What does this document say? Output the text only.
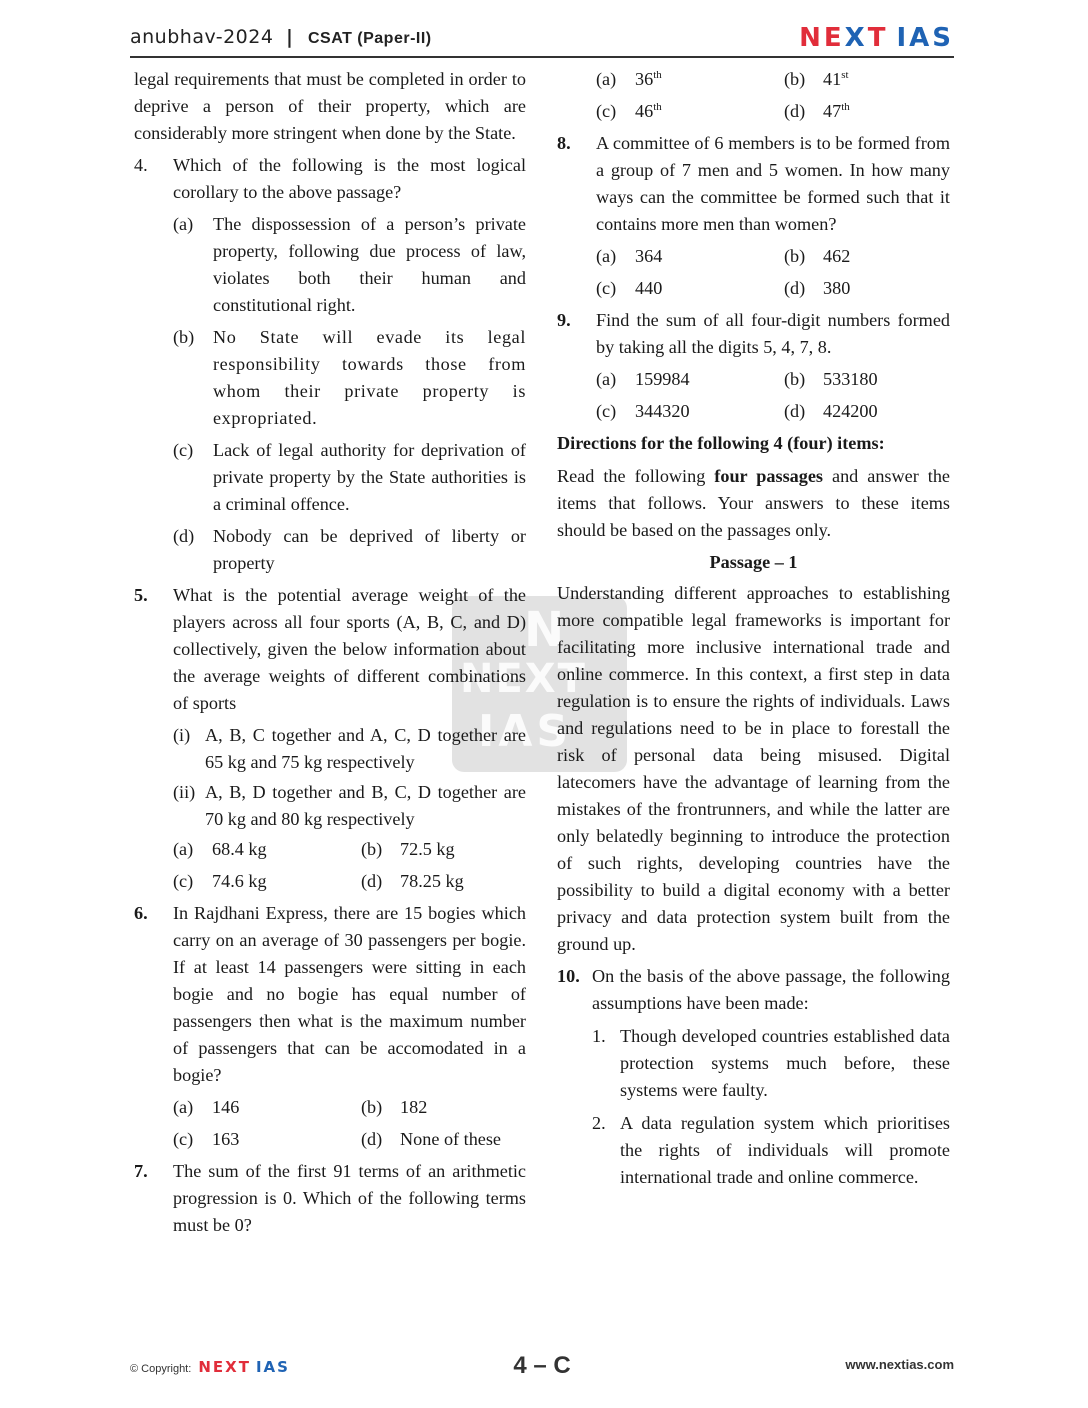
anubhav-2024 | CSAT (Paper-II)	NEXT IAS
N
NEXT
IAS

legal requirements that must be completed in order to deprive a person of their property, which are considerably more stringent when done by the State.

4.	Which of the following is the most logical corollary to the above passage?
(a)	The dispossession of a person’s private property, following due process of law, violates both their human and constitutional right.
(b)	No State will evade its legal responsibility towards those from whom their private property is expropriated.
(c)	Lack of legal authority for deprivation of private property by the State authorities is a criminal offence.
(d)	Nobody can be deprived of liberty or property
5.	What is the potential average weight of the players across all four sports (A, B, C, and D) collectively, given the below information about the average weights of different combinations of sports
(i) A, B, C together and A, C, D together are 65 kg and 75 kg respectively
(ii) A, B, D together and B, C, D together are 70 kg and 80 kg respectively
(a)	68.4 kg	(b) 72.5 kg
(c)	74.6 kg	(d) 78.25 kg
6.	In Rajdhani Express, there are 15 bogies which carry on an average of 30 passengers per bogie. If at least 14 passengers were sitting in each bogie and no bogie has equal number of passengers then what is the maximum number of passengers that can be accomodated in a bogie?
(a)	146	(b) 182
(c)	163	(d) None of these
7.	The sum of the first 91 terms of an arithmetic progression is 0. Which of the following terms must be 0?
(a)	36th	(b) 41st
(c)	46th	(d) 47th
8.	A committee of 6 members is to be formed from a group of 7 men and 5 women. In how many ways can the committee be formed such that it contains more men than women?
(a)	364	(b) 462
(c)	440	(d) 380
9.	Find the sum of all four-digit numbers formed by taking all the digits 5, 4, 7, 8.
(a)	159984	(b) 533180
(c)	344320	(d) 424200

Directions for the following 4 (four) items:

Read the following four passages and answer the items that follows. Your answers to these items should be based on the passages only.

Passage – 1

Understanding different approaches to establishing more compatible legal frameworks is important for facilitating more inclusive international trade and online commerce. In this context, a first step in data regulation is to ensure the rights of individuals. Laws and regulations need to be in place to forestall the risk of personal data being misused. Digital latecomers have the advantage of learning from the mistakes of the frontrunners, and while the latter are only belatedly beginning to introduce the protection of such rights, developing countries have the possibility to build a digital economy with a better privacy and data protection system built from the ground up.

10. On the basis of the above passage, the following assumptions have been made:
1. Though developed countries established data protection systems much before, these systems were faulty.
2. A data regulation system which prioritises the rights of individuals will promote international trade and online commerce.
© Copyright: NEXT IAS	4 – C	www.nextias.com
